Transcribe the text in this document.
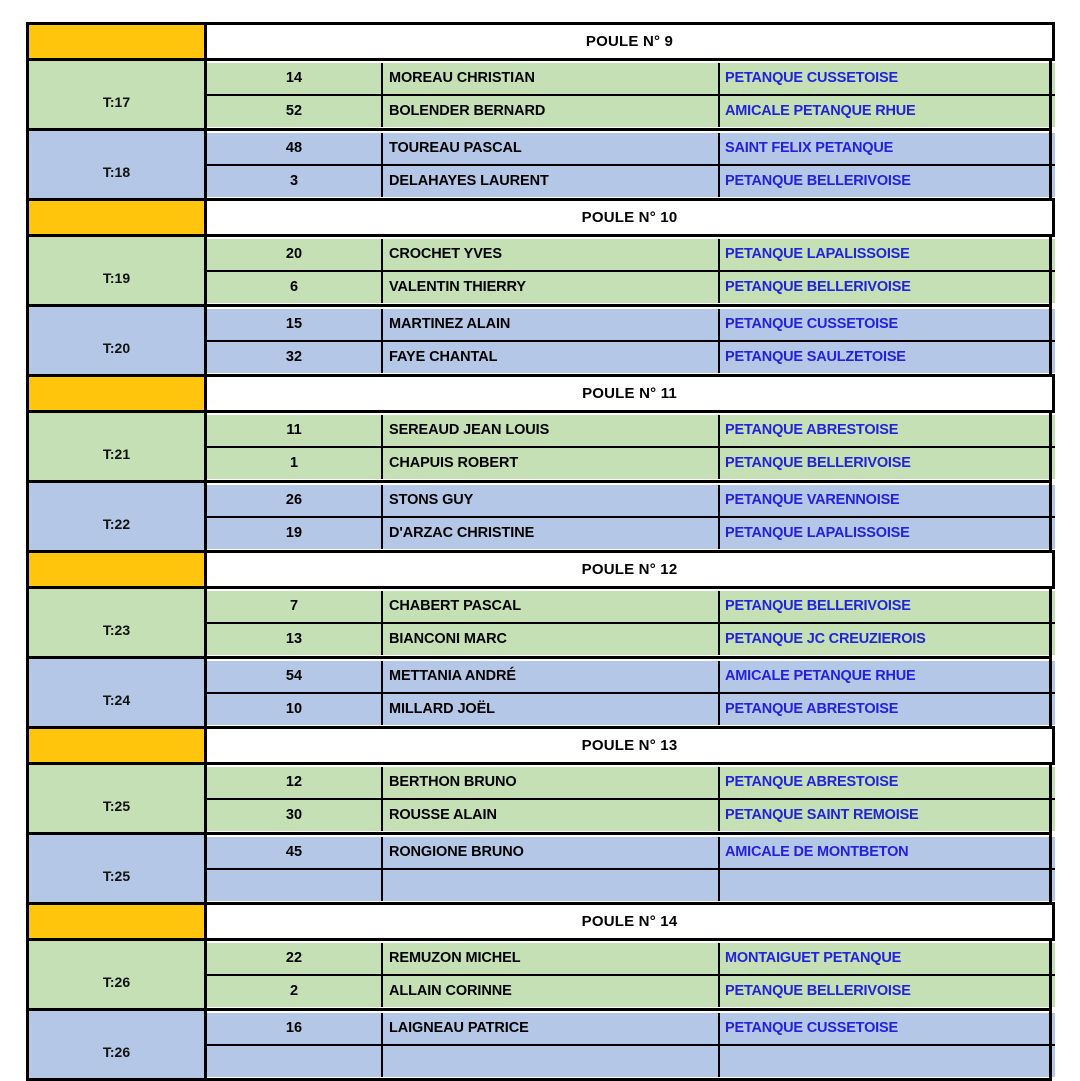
	POULE N° 9
T:17

14	MOREAU CHRISTIAN	PETANQUE CUSSETOISE
52	BOLENDER BERNARD	AMICALE PETANQUE RHUE
T:18

48	TOUREAU PASCAL	SAINT FELIX PETANQUE
3	DELAHAYES LAURENT	PETANQUE BELLERIVOISE
	POULE N° 10
T:19

20	CROCHET YVES	PETANQUE LAPALISSOISE
6	VALENTIN THIERRY	PETANQUE BELLERIVOISE
T:20

15	MARTINEZ ALAIN	PETANQUE CUSSETOISE
32	FAYE CHANTAL	PETANQUE SAULZETOISE
	POULE N° 11
T:21

11	SEREAUD JEAN LOUIS	PETANQUE ABRESTOISE
1	CHAPUIS ROBERT	PETANQUE BELLERIVOISE
T:22

26	STONS GUY	PETANQUE VARENNOISE
19	D'ARZAC CHRISTINE	PETANQUE LAPALISSOISE
	POULE N° 12
T:23

7	CHABERT PASCAL	PETANQUE BELLERIVOISE
13	BIANCONI MARC	PETANQUE JC CREUZIEROIS
T:24

54	METTANIA ANDRÉ	AMICALE PETANQUE RHUE
10	MILLARD JOËL	PETANQUE ABRESTOISE
	POULE N° 13
T:25

12	BERTHON BRUNO	PETANQUE ABRESTOISE
30	ROUSSE ALAIN	PETANQUE SAINT REMOISE
T:25

45	RONGIONE BRUNO	AMICALE DE MONTBETON

	POULE N° 14
T:26

22	REMUZON MICHEL	MONTAIGUET PETANQUE
2	ALLAIN CORINNE	PETANQUE BELLERIVOISE
T:26

16	LAIGNEAU PATRICE	PETANQUE CUSSETOISE
